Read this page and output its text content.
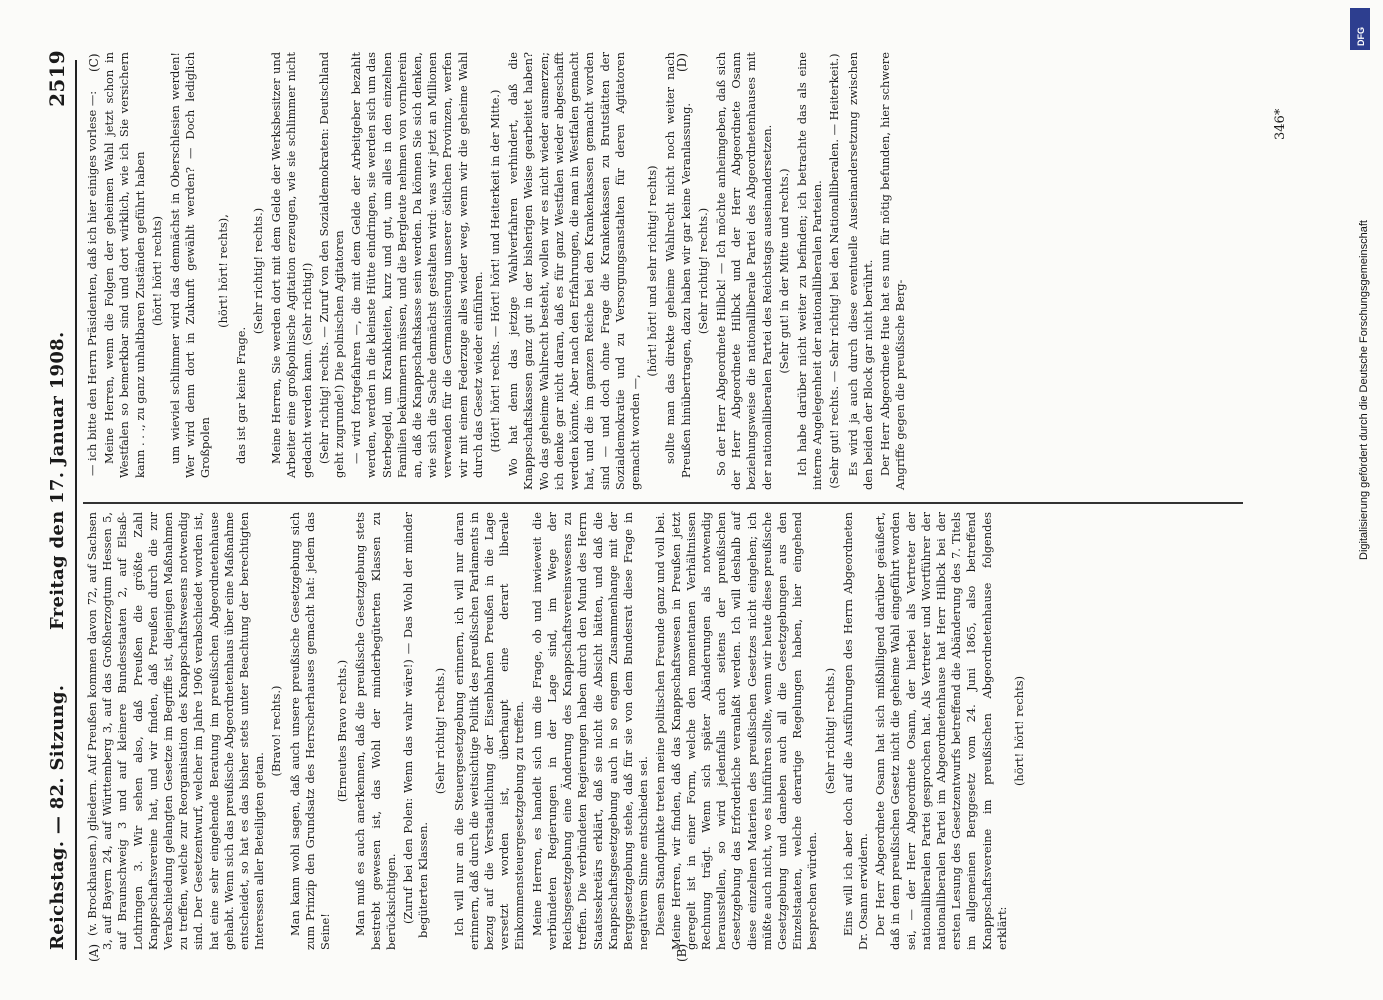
Reichstag. — 82. Sitzung.
Freitag den 17. Januar 1908.
2519
(A)	(B)
(C)	(D)

(v. Brockhausen.) gliedern. Auf Preußen kommen davon 72, auf Sachsen 3, auf Bayern 24, auf Württemberg 3, auf das Großherzogtum Hessen 5, auf Braunschweig 3 und auf kleinere Bundesstaaten 2, auf Elsaß-Lothringen 3. Wir sehen also, daß Preußen die größte Zahl Knappschaftsvereine hat, und wir finden, daß Preußen durch die zur Verabschiedung gelangten Gesetze im Begriffe ist, diejenigen Maßnahmen zu treffen, welche zur Reorganisation des Knappschaftswesens notwendig sind. Der Gesetzentwurf, welcher im Jahre 1906 verabschiedet worden ist, hat eine sehr eingehende Beratung im preußischen Abgeordnetenhause gehabt. Wenn sich das preußische Abgeordnetenhaus über eine Maßnahme entscheidet, so hat es das bisher stets unter Beachtung der berechtigten Interessen aller Beteiligten getan.

(Bravo! rechts.) Man kann wohl sagen, daß auch unsere preußische Gesetzgebung sich zum Prinzip den Grundsatz des Herrscherhauses gemacht hat: jedem das Seine!

(Erneutes Bravo rechts.) Man muß es auch anerkennen, daß die preußische Gesetzgebung stets bestrebt gewesen ist, das Wohl der minderbegüterten Klassen zu berücksichtigen. (Zuruf bei den Polen: Wenn das wahr wäre!) — Das Wohl der minder begüterten Klassen.

(Sehr richtig! rechts.) Ich will nur an die Steuergesetzgebung erinnern, ich will nur daran erinnern, daß durch die weitsichtige Politik des preußischen Parlaments in bezug auf die Verstaatlichung der Eisenbahnen Preußen in die Lage versetzt worden ist, überhaupt eine derart liberale Einkommensteuergesetzgebung zu treffen. Meine Herren, es handelt sich um die Frage, ob und inwieweit die verbündeten Regierungen in der Lage sind, im Wege der Reichsgesetzgebung eine Änderung des Knappschaftsvereinswesens zu treffen. Die verbündeten Regierungen haben durch den Mund des Herrn Staatssekretärs erklärt, daß sie nicht die Absicht hätten, und daß die Knappschaftsgesetzgebung auch in so engem Zusammenhange mit der Berggesetzgebung stehe, daß für sie von dem Bundesrat diese Frage in negativem Sinne entschieden sei. Diesem Standpunkte treten meine politischen Freunde ganz und voll bei. Meine Herren, wir finden, daß das Knappschaftswesen in Preußen jetzt geregelt ist in einer Form, welche den momentanen Verhältnissen Rechnung trägt. Wenn sich später Abänderungen als notwendig herausstellen, so wird jedenfalls auch seitens der preußischen Gesetzgebung das Erforderliche veranlaßt werden. Ich will deshalb auf diese einzelnen Materien des preußischen Gesetzes nicht eingehen; ich müßte auch nicht, wo es hinführen sollte, wenn wir heute diese preußische Gesetzgebung und daneben auch all die Gesetzgebungen aus den Einzelstaaten, welche derartige Regelungen haben, hier eingehend besprechen würden.

(Sehr richtig! rechts.) Eins will ich aber doch auf die Ausführungen des Herrn Abgeordneten Dr. Osann erwidern. Der Herr Abgeordnete Osann hat sich mißbilligend darüber geäußert, daß in dem preußischen Gesetz nicht die geheime Wahl eingeführt worden sei, — der Herr Abgeordnete Osann, der hierbei als Vertreter der nationalliberalen Partei gesprochen hat. Als Vertreter und Wortführer der nationalliberalen Partei im Abgeordnetenhause hat Herr Hilbck bei der ersten Lesung des Gesetzentwurfs betreffend die Abänderung des 7. Titels im allgemeinen Berggesetz vom 24. Juni 1865, also betreffend Knappschaftsvereine im preußischen Abgeordnetenhause folgendes erklärt:

(hört! hört! rechts)

— ich bitte den Herrn Präsidenten, daß ich hier einiges vorlese —: Meine Herren, wenn die Folgen der geheimen Wahl jetzt schon in Westfalen so bemerkbar sind und dort wirklich, wie ich Sie versichern kann . . ., zu ganz unhaltbaren Zuständen geführt haben (hört! hört! rechts) um wieviel schlimmer wird das demnächst in Oberschlesien werden! Wer wird denn dort in Zukunft gewählt werden? — Doch lediglich Großpolen

(hört! hört! rechts),

das ist gar keine Frage.

(Sehr richtig! rechts.) Meine Herren, Sie werden dort mit dem Gelde der Werksbesitzer und Arbeiter eine großpolnische Agitation erzeugen, wie sie schlimmer nicht gedacht werden kann. (Sehr richtig!) (Sehr richtig! rechts. — Zuruf von den Sozialdemokraten: Deutschland geht zugrunde!) Die polnischen Agitatoren — wird fortgefahren —, die mit dem Gelde der Arbeitgeber bezahlt werden, werden in die kleinste Hütte eindringen, sie werden sich um das Sterbegeld, um Krankheiten, kurz und gut, um alles in den einzelnen Familien bekümmern müssen, und die Bergleute nehmen von vornherein an, daß die Knappschaftskasse sein werden. Da können Sie sich denken, wie sich die Sache demnächst gestalten wird: was wir jetzt an Millionen verwenden für die Germanisierung unserer östlichen Provinzen, werfen wir mit einem Federzuge alles wieder weg, wenn wir die geheime Wahl durch das Gesetz wieder einführen. (Hört! hört! rechts. — Hört! hört! und Heiterkeit in der Mitte.) Wo hat denn das jetzige Wahlverfahren verhindert, daß die Knappschaftskassen ganz gut in der bisherigen Weise gearbeitet haben? Wo das geheime Wahlrecht besteht, wollen wir es nicht wieder ausmerzen; ich denke gar nicht daran, daß es für ganz Westfalen wieder abgeschafft werden könnte. Aber nach den Erfahrungen, die man in Westfalen gemacht hat, und die im ganzen Reiche bei den Krankenkassen gemacht worden sind — und doch ohne Frage die Krankenkassen zu Brutstätten der Sozialdemokratie und zu Versorgungsanstalten für deren Agitatoren gemacht worden —,

(hört! hört! und sehr richtig! rechts) sollte man das direkte geheime Wahlrecht nicht noch weiter nach Preußen hinübertragen, dazu haben wir gar keine Veranlassung. (Sehr richtig! rechts.) So der Herr Abgeordnete Hilbck! — Ich möchte anheimgeben, daß sich der Herr Abgeordnete Hilbck und der Herr Abgeordnete Osann beziehungsweise die nationalliberale Partei des Abgeordnetenhauses mit der nationalliberalen Partei des Reichstags auseinandersetzen. (Sehr gut! in der Mitte und rechts.) Ich habe darüber nicht weiter zu befinden; ich betrachte das als eine interne Angelegenheit der nationalliberalen Parteien. (Sehr gut! rechts. — Sehr richtig! bei den Nationalliberalen. — Heiterkeit.) Es wird ja auch durch diese eventuelle Auseinandersetzung zwischen den beiden der Block gar nicht berührt. Der Herr Abgeordnete Hue hat es nun für nötig befunden, hier schwere Angriffe gegen die preußische Berg-

346*
DFG
Digitalisierung gefördert durch die Deutsche Forschungsgemeinschaft
